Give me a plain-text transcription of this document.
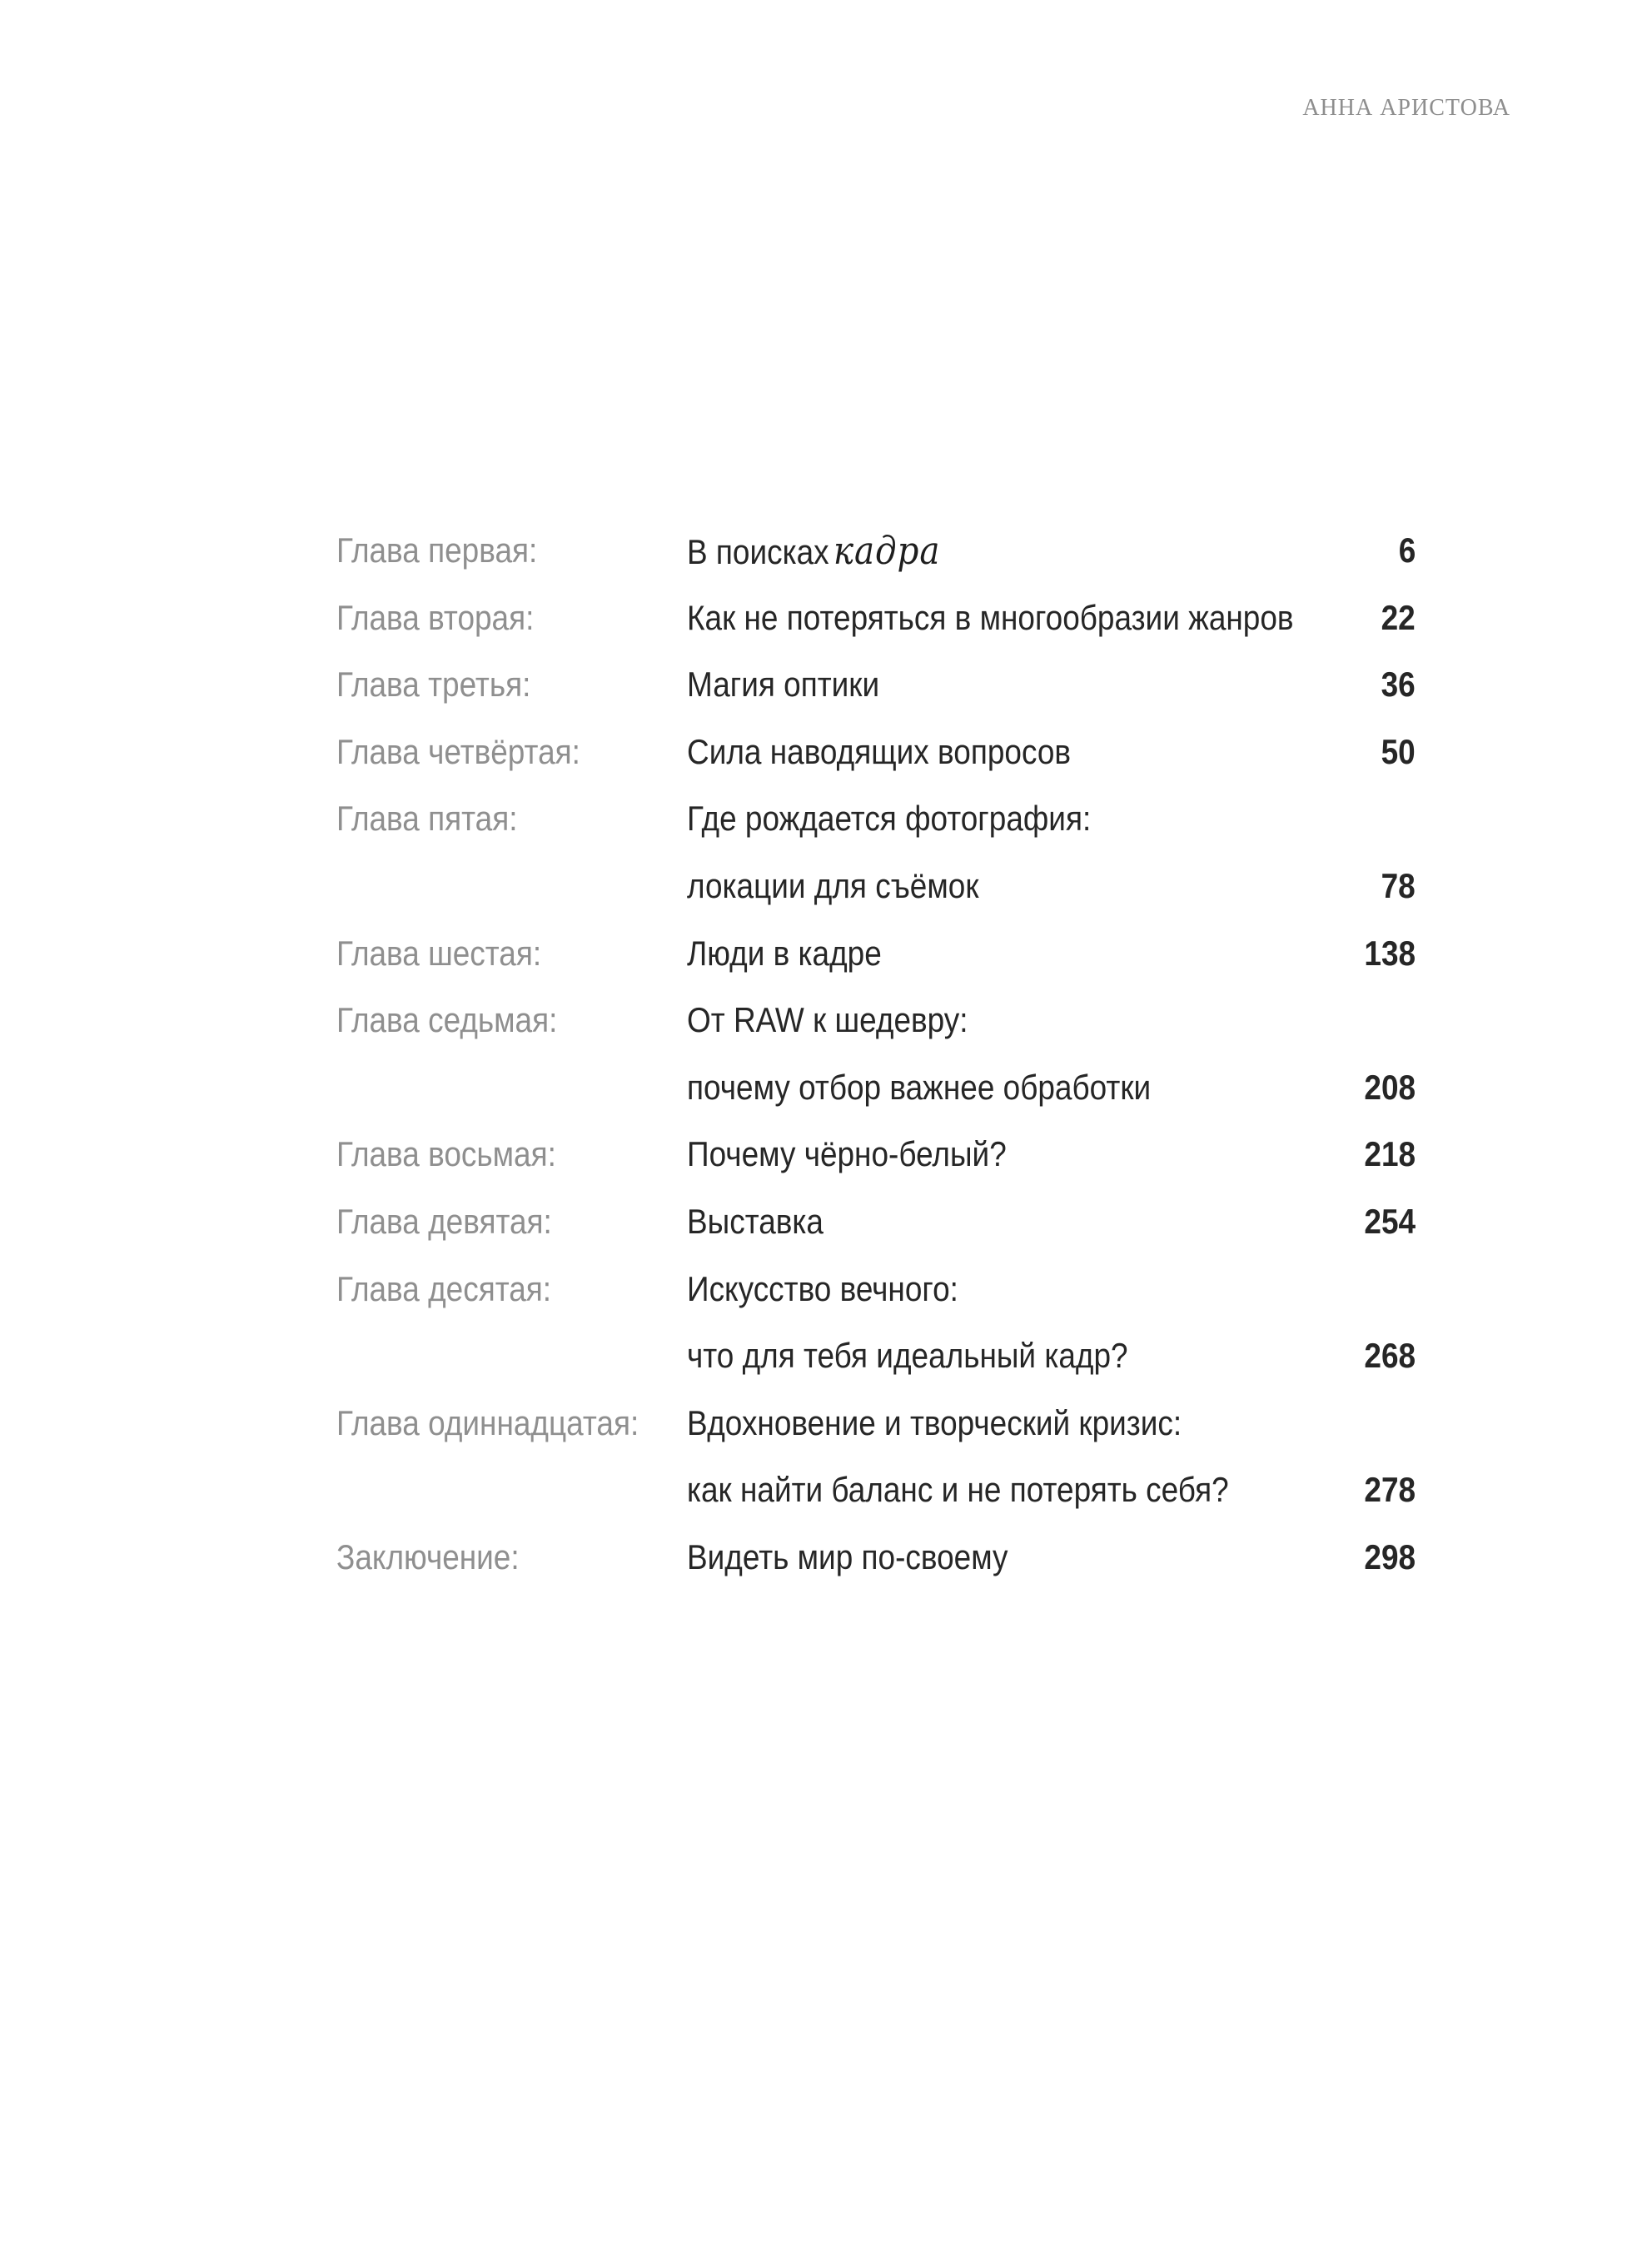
АННА АРИСТОВА
Глава первая:	В поисках кадра	6
Глава вторая:	Как не потеряться в многообразии жанров	22
Глава третья:	Магия оптики	36
Глава четвёртая:	Сила наводящих вопросов	50
Глава пятая:	Где рождается фотография:
локации для съёмок	78
Глава шестая:	Люди в кадре	138
Глава седьмая:	От RAW к шедевру:
почему отбор важнее обработки	208
Глава восьмая:	Почему чёрно-белый?	218
Глава девятая:	Выставка	254
Глава десятая:	Искусство вечного:
что для тебя идеальный кадр?	268
Глава одиннадцатая: Вдохновение и творческий кризис:
как найти баланс и не потерять себя?	278
Заключение:	Видеть мир по-своему	298
